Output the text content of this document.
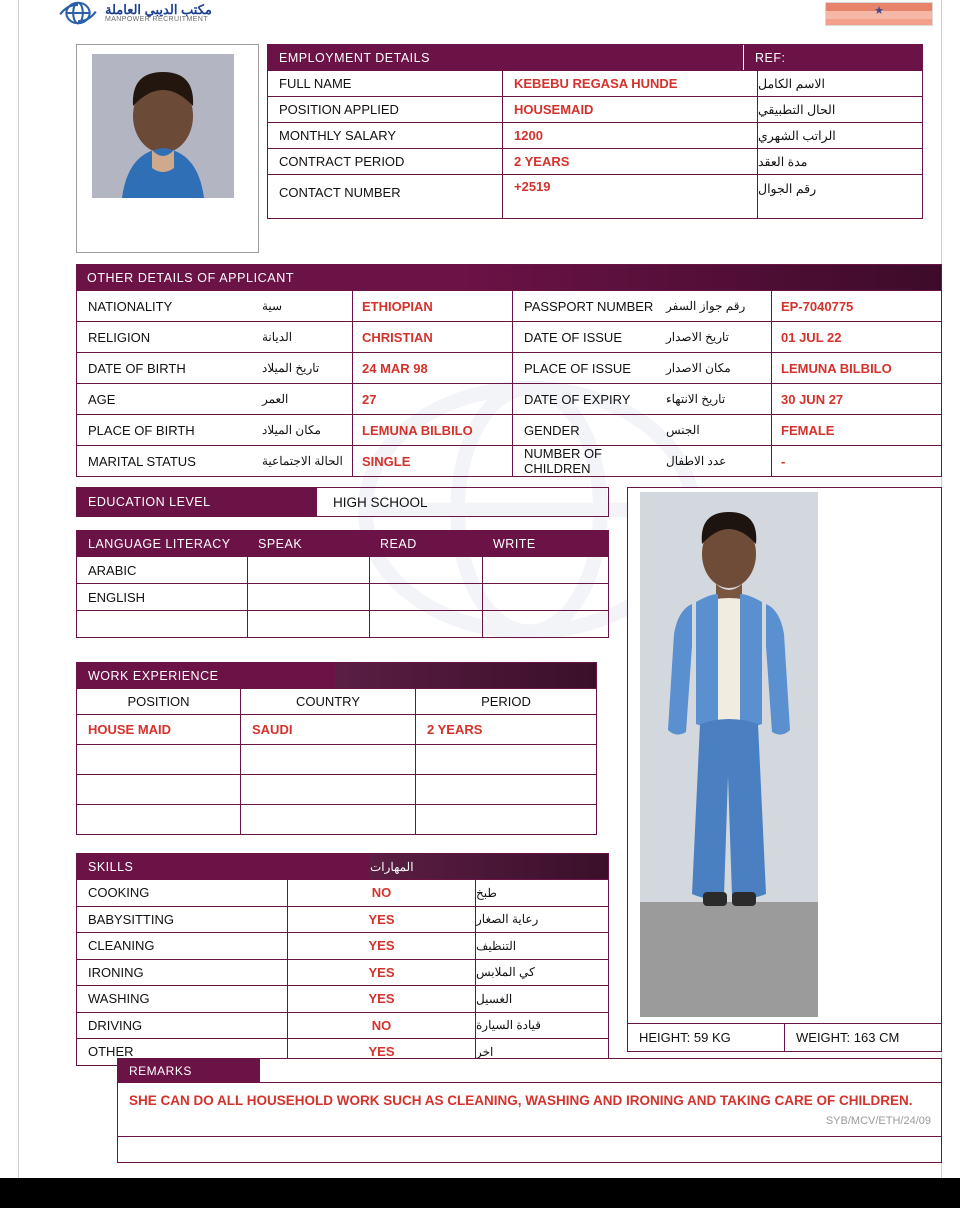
مكتب الديبي العاملة
MANPOWER RECRUITMENT
★
EMPLOYMENT DETAILS	REF:
FULL NAME	KEBEBU REGASA HUNDE	الاسم الكامل
POSITION APPLIED	HOUSEMAID	الحال التطبيقي
MONTHLY SALARY	1200	الراتب الشهري
CONTRACT PERIOD	2 YEARS	مدة العقد
CONTACT NUMBER	+2519	رقم الجوال
OTHER DETAILS OF APPLICANT
NATIONALITY	سية	ETHIOPIAN	PASSPORT NUMBER	رقم جواز السفر	EP-7040775
RELIGION	الديانة	CHRISTIAN	DATE OF ISSUE	تاريخ الاصدار	01 JUL 22
DATE OF BIRTH	تاريخ الميلاد	24 MAR 98	PLACE OF ISSUE	مكان الاصدار	LEMUNA BILBILO
AGE	العمر	27	DATE OF EXPIRY	تاريخ الانتهاء	30 JUN 27
PLACE OF BIRTH	مكان الميلاد	LEMUNA BILBILO	GENDER	الجنس	FEMALE
MARITAL STATUS	الحالة الاجتماعية	SINGLE	NUMBER OF CHILDREN	عدد الاطفال	-
EDUCATION LEVEL	HIGH SCHOOL
LANGUAGE LITERACY	SPEAK	READ	WRITE
ARABIC
ENGLISH
WORK EXPERIENCE
POSITION	COUNTRY	PERIOD
HOUSE MAID	SAUDI	2 YEARS
SKILLS	المهارات
COOKING	NO	طبخ
BABYSITTING	YES	رعاية الصغار
CLEANING	YES	التنظيف
IRONING	YES	كي الملابس
WASHING	YES	الغسيل
DRIVING	NO	قيادة السيارة
OTHER	YES	اخر
HEIGHT: 59 KG	WEIGHT: 163 CM
REMARKS
SHE CAN DO ALL HOUSEHOLD WORK SUCH AS CLEANING, WASHING AND IRONING AND TAKING CARE OF CHILDREN.
SYB/MCV/ETH/24/09
